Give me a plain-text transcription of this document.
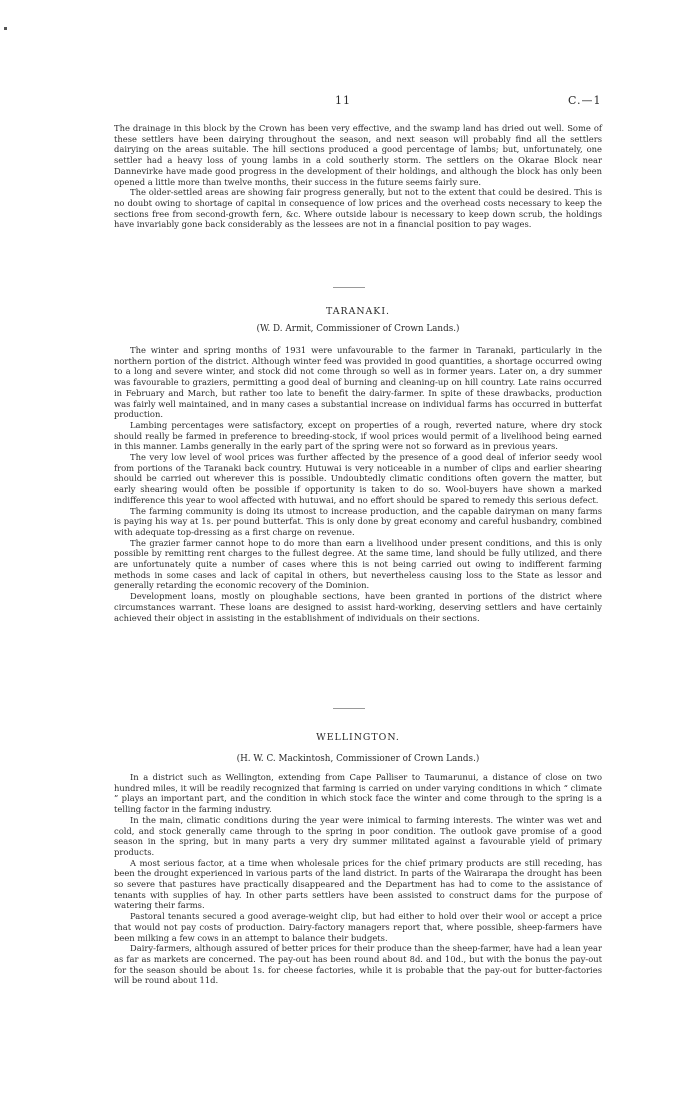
11	C.—1

The drainage in this block by the Crown has been very effective, and the swamp land has dried out well. Some of these settlers have been dairying throughout the season, and next season will probably find all the settlers dairying on the areas suitable. The hill sections produced a good percentage of lambs; but, unfortunately, one settler had a heavy loss of young lambs in a cold southerly storm. The settlers on the Okarae Block near Dannevirke have made good progress in the development of their holdings, and although the block has only been opened a little more than twelve months, their success in the future seems fairly sure.

The older-settled areas are showing fair progress generally, but not to the extent that could be desired. This is no doubt owing to shortage of capital in consequence of low prices and the overhead costs necessary to keep the sections free from second-growth fern, &c. Where outside labour is necessary to keep down scrub, the holdings have invariably gone back considerably as the lessees are not in a financial position to pay wages.

TARANAKI.
(W. D. Armit, Commissioner of Crown Lands.)

The winter and spring months of 1931 were unfavourable to the farmer in Taranaki, particularly in the northern portion of the district. Although winter feed was provided in good quantities, a shortage occurred owing to a long and severe winter, and stock did not come through so well as in former years. Later on, a dry summer was favourable to graziers, permitting a good deal of burning and cleaning-up on hill country. Late rains occurred in February and March, but rather too late to benefit the dairy-farmer. In spite of these drawbacks, production was fairly well maintained, and in many cases a substantial increase on individual farms has occurred in butterfat production.

Lambing percentages were satisfactory, except on properties of a rough, reverted nature, where dry stock should really be farmed in preference to breeding-stock, if wool prices would permit of a livelihood being earned in this manner. Lambs generally in the early part of the spring were not so forward as in previous years.

The very low level of wool prices was further affected by the presence of a good deal of inferior seedy wool from portions of the Taranaki back country. Hutuwai is very noticeable in a number of clips and earlier shearing should be carried out wherever this is possible. Undoubtedly climatic conditions often govern the matter, but early shearing would often be possible if opportunity is taken to do so. Wool-buyers have shown a marked indifference this year to wool affected with hutuwai, and no effort should be spared to remedy this serious defect.

The farming community is doing its utmost to increase production, and the capable dairyman on many farms is paying his way at 1s. per pound butterfat. This is only done by great economy and careful husbandry, combined with adequate top-dressing as a first charge on revenue.

The grazier farmer cannot hope to do more than earn a livelihood under present conditions, and this is only possible by remitting rent charges to the fullest degree. At the same time, land should be fully utilized, and there are unfortunately quite a number of cases where this is not being carried out owing to indifferent farming methods in some cases and lack of capital in others, but nevertheless causing loss to the State as lessor and generally retarding the economic recovery of the Dominion.

Development loans, mostly on ploughable sections, have been granted in portions of the district where circumstances warrant. These loans are designed to assist hard-working, deserving settlers and have certainly achieved their object in assisting in the establishment of individuals on their sections.

WELLINGTON.
(H. W. C. Mackintosh, Commissioner of Crown Lands.)

In a district such as Wellington, extending from Cape Palliser to Taumarunui, a distance of close on two hundred miles, it will be readily recognized that farming is carried on under varying conditions in which “ climate ” plays an important part, and the condition in which stock face the winter and come through to the spring is a telling factor in the farming industry.

In the main, climatic conditions during the year were inimical to farming interests. The winter was wet and cold, and stock generally came through to the spring in poor condition. The outlook gave promise of a good season in the spring, but in many parts a very dry summer militated against a favourable yield of primary products.

A most serious factor, at a time when wholesale prices for the chief primary products are still receding, has been the drought experienced in various parts of the land district. In parts of the Wairarapa the drought has been so severe that pastures have practically disappeared and the Department has had to come to the assistance of tenants with supplies of hay. In other parts settlers have been assisted to construct dams for the purpose of watering their farms.

Pastoral tenants secured a good average-weight clip, but had either to hold over their wool or accept a price that would not pay costs of production. Dairy-factory managers report that, where possible, sheep-farmers have been milking a few cows in an attempt to balance their budgets.

Dairy-farmers, although assured of better prices for their produce than the sheep-farmer, have had a lean year as far as markets are concerned. The pay-out has been round about 8d. and 10d., but with the bonus the pay-out for the season should be about 1s. for cheese factories, while it is probable that the pay-out for butter-factories will be round about 11d.
